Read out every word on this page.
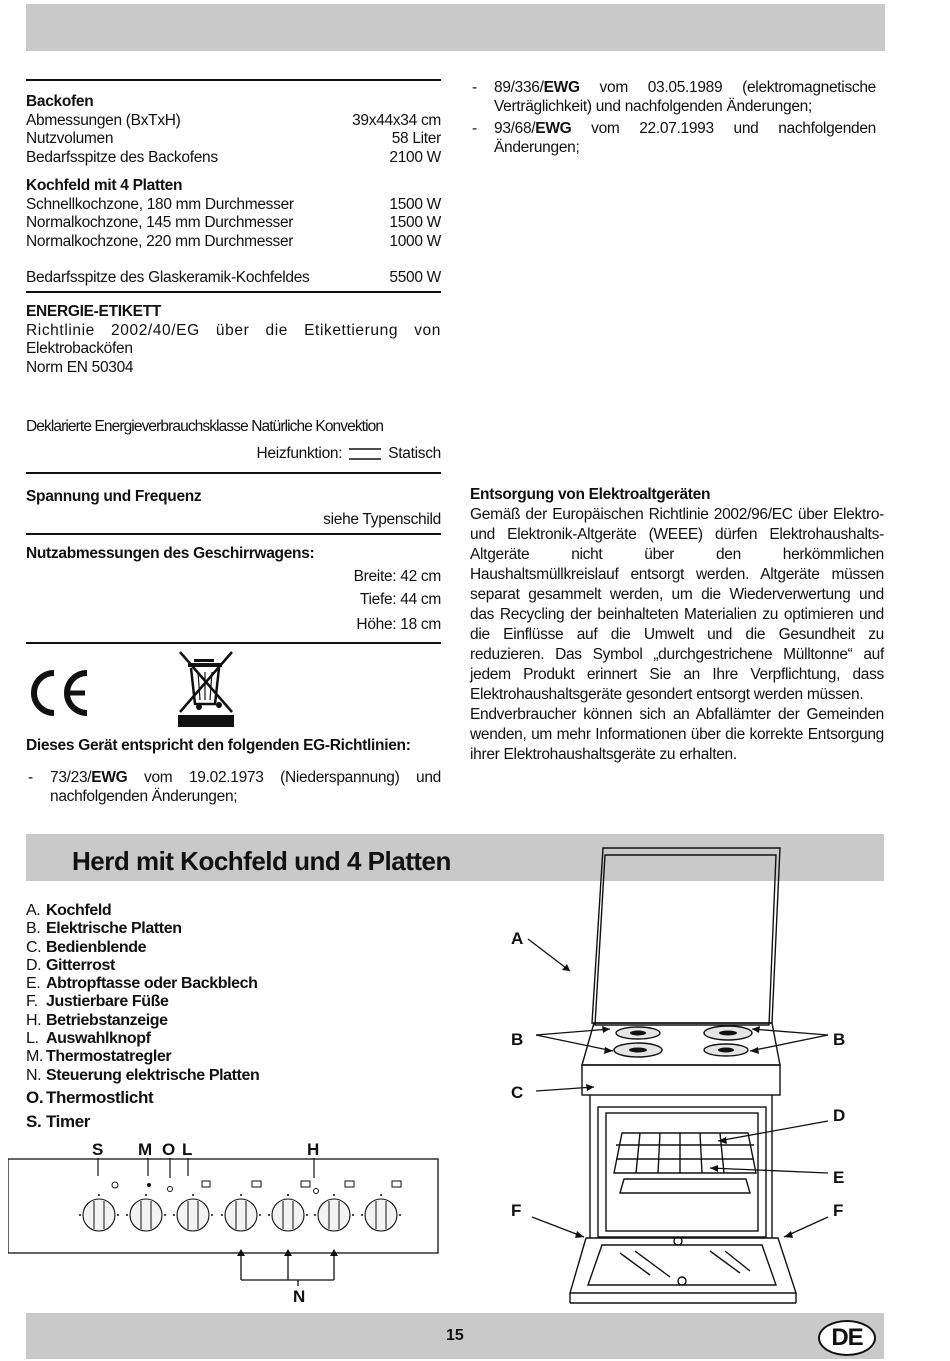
Backofen
Abmessungen (BxTxH)	39x44x34 cm
Nutzvolumen	58 Liter
Bedarfsspitze des Backofens	2100 W
Kochfeld mit 4 Platten
Schnellkochzone, 180 mm Durchmesser	1500 W
Normalkochzone, 145 mm Durchmesser	1500 W
Normalkochzone, 220 mm Durchmesser	1000 W
Bedarfsspitze des Glaskeramik-Kochfeldes	5500 W
ENERGIE-ETIKETT
Richtlinie 2002/40/EG über die Etikettierung von
Elektrobacköfen
Norm EN 50304
Deklarierte Energieverbrauchsklasse Natürliche Konvektion
Heizfunktion:	Statisch
Spannung und Frequenz
siehe Typenschild
Nutzabmessungen des Geschirrwagens:
Breite: 42 cm
Tiefe: 44 cm
Höhe: 18 cm
Dieses Gerät entspricht den folgenden EG-Richtlinien:
- 73/23/EWG vom 19.02.1973 (Niederspannung) und nachfolgenden Änderungen;
- 89/336/EWG vom 03.05.1989 (elektromagnetische Verträglichkeit) und nachfolgenden Änderungen;
- 93/68/EWG vom 22.07.1993 und nachfolgenden Änderungen;
Entsorgung von Elektroaltgeräten
Gemäß der Europäischen Richtlinie 2002/96/EC über Elektro- und Elektronik-Altgeräte (WEEE) dürfen Elektrohaushalts-Altgeräte nicht über den herkömmlichen Haushaltsmüllkreislauf entsorgt werden. Altgeräte müssen separat gesammelt werden, um die Wiederverwertung und das Recycling der beinhalteten Materialien zu optimieren und die Einflüsse auf die Umwelt und die Gesundheit zu reduzieren. Das Symbol „durchgestrichene Mülltonne“ auf jedem Produkt erinnert Sie an Ihre Verpflichtung, dass Elektrohaushaltsgeräte gesondert entsorgt werden müssen.
Endverbraucher können sich an Abfallämter der Gemeinden wenden, um mehr Informationen über die korrekte Entsorgung ihrer Elektrohaushaltsgeräte zu erhalten.
Herd mit Kochfeld und 4 Platten
A. Kochfeld
B. Elektrische Platten
C. Bedienblende
D. Gitterrost
E. Abtropftasse oder Backblech
F. Justierbare Füße
H. Betriebstanzeige
L. Auswahlknopf
M. Thermostatregler
N. Steuerung elektrische Platten
O. Thermostlicht
S. Timer
S M O L	H
N
A
B	B
C
D
E
F	F
15	DE
